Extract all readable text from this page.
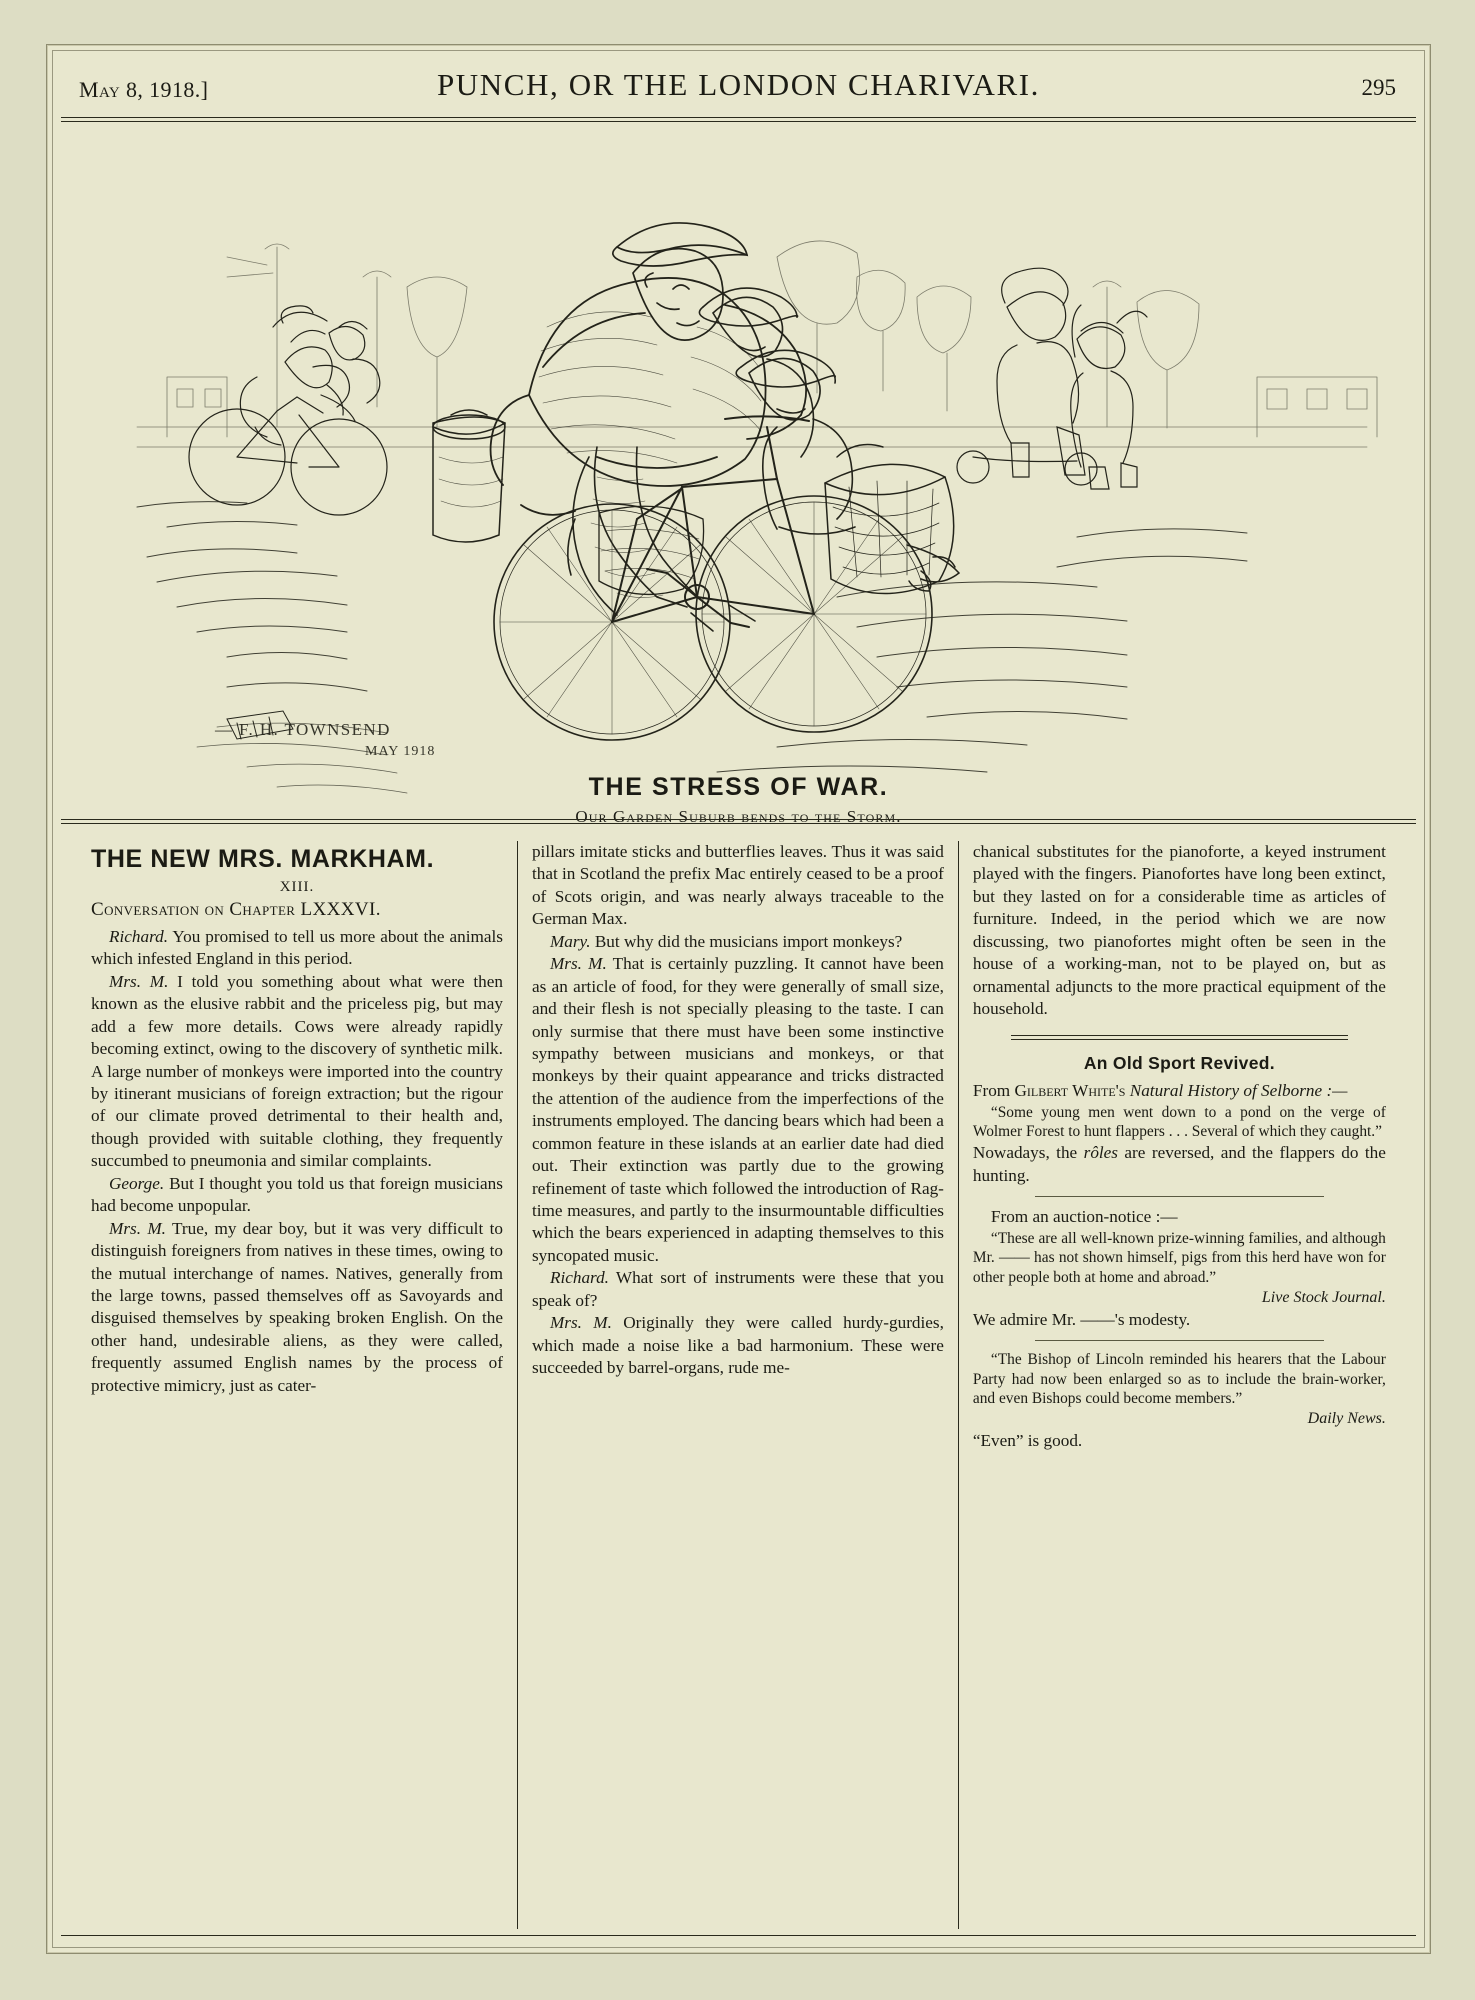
May 8, 1918.]	PUNCH, OR THE LONDON CHARIVARI.	295
— F. H. TOWNSEND
MAY 1918
THE STRESS OF WAR.
Our Garden Suburb bends to the Storm.
THE NEW MRS. MARKHAM.
XIII.
Conversation on Chapter LXXXVI.

Richard. You promised to tell us more about the animals which infested England in this period.

Mrs. M. I told you something about what were then known as the elusive rabbit and the priceless pig, but may add a few more details. Cows were already rapidly becoming extinct, owing to the discovery of synthetic milk. A large number of monkeys were imported into the country by itinerant musicians of foreign extraction; but the rigour of our climate proved detrimental to their health and, though provided with suitable clothing, they frequently succumbed to pneumonia and similar complaints.

George. But I thought you told us that foreign musicians had become unpopular.

Mrs. M. True, my dear boy, but it was very difficult to distinguish foreigners from natives in these times, owing to the mutual interchange of names. Natives, generally from the large towns, passed themselves off as Savoyards and disguised themselves by speaking broken English. On the other hand, undesirable aliens, as they were called, frequently assumed English names by the process of protective mimicry, just as cater-

pillars imitate sticks and butterflies leaves. Thus it was said that in Scotland the prefix Mac entirely ceased to be a proof of Scots origin, and was nearly always traceable to the German Max.

Mary. But why did the musicians import monkeys?

Mrs. M. That is certainly puzzling. It cannot have been as an article of food, for they were generally of small size, and their flesh is not specially pleasing to the taste. I can only surmise that there must have been some instinctive sympathy between musicians and monkeys, or that monkeys by their quaint appearance and tricks distracted the attention of the audience from the imperfections of the instruments employed. The dancing bears which had been a common feature in these islands at an earlier date had died out. Their extinction was partly due to the growing refinement of taste which followed the introduction of Rag-time measures, and partly to the insurmountable difficulties which the bears experienced in adapting themselves to this syncopated music.

Richard. What sort of instruments were these that you speak of?

Mrs. M. Originally they were called hurdy-gurdies, which made a noise like a bad harmonium. These were succeeded by barrel-organs, rude me-

chanical substitutes for the pianoforte, a keyed instrument played with the fingers. Pianofortes have long been extinct, but they lasted on for a considerable time as articles of furniture. Indeed, in the period which we are now discussing, two pianofortes might often be seen in the house of a working-man, not to be played on, but as ornamental adjuncts to the more practical equipment of the household.

An Old Sport Revived.

From Gilbert White's Natural History of Selborne :—

“Some young men went down to a pond on the verge of Wolmer Forest to hunt flappers . . . Several of which they caught.”

Nowadays, the rôles are reversed, and the flappers do the hunting.

From an auction-notice :—

“These are all well-known prize-winning families, and although Mr. —— has not shown himself, pigs from this herd have won for other people both at home and abroad.”

Live Stock Journal.

We admire Mr. ——'s modesty.

“The Bishop of Lincoln reminded his hearers that the Labour Party had now been enlarged so as to include the brain-worker, and even Bishops could become members.”

Daily News.

“Even” is good.
